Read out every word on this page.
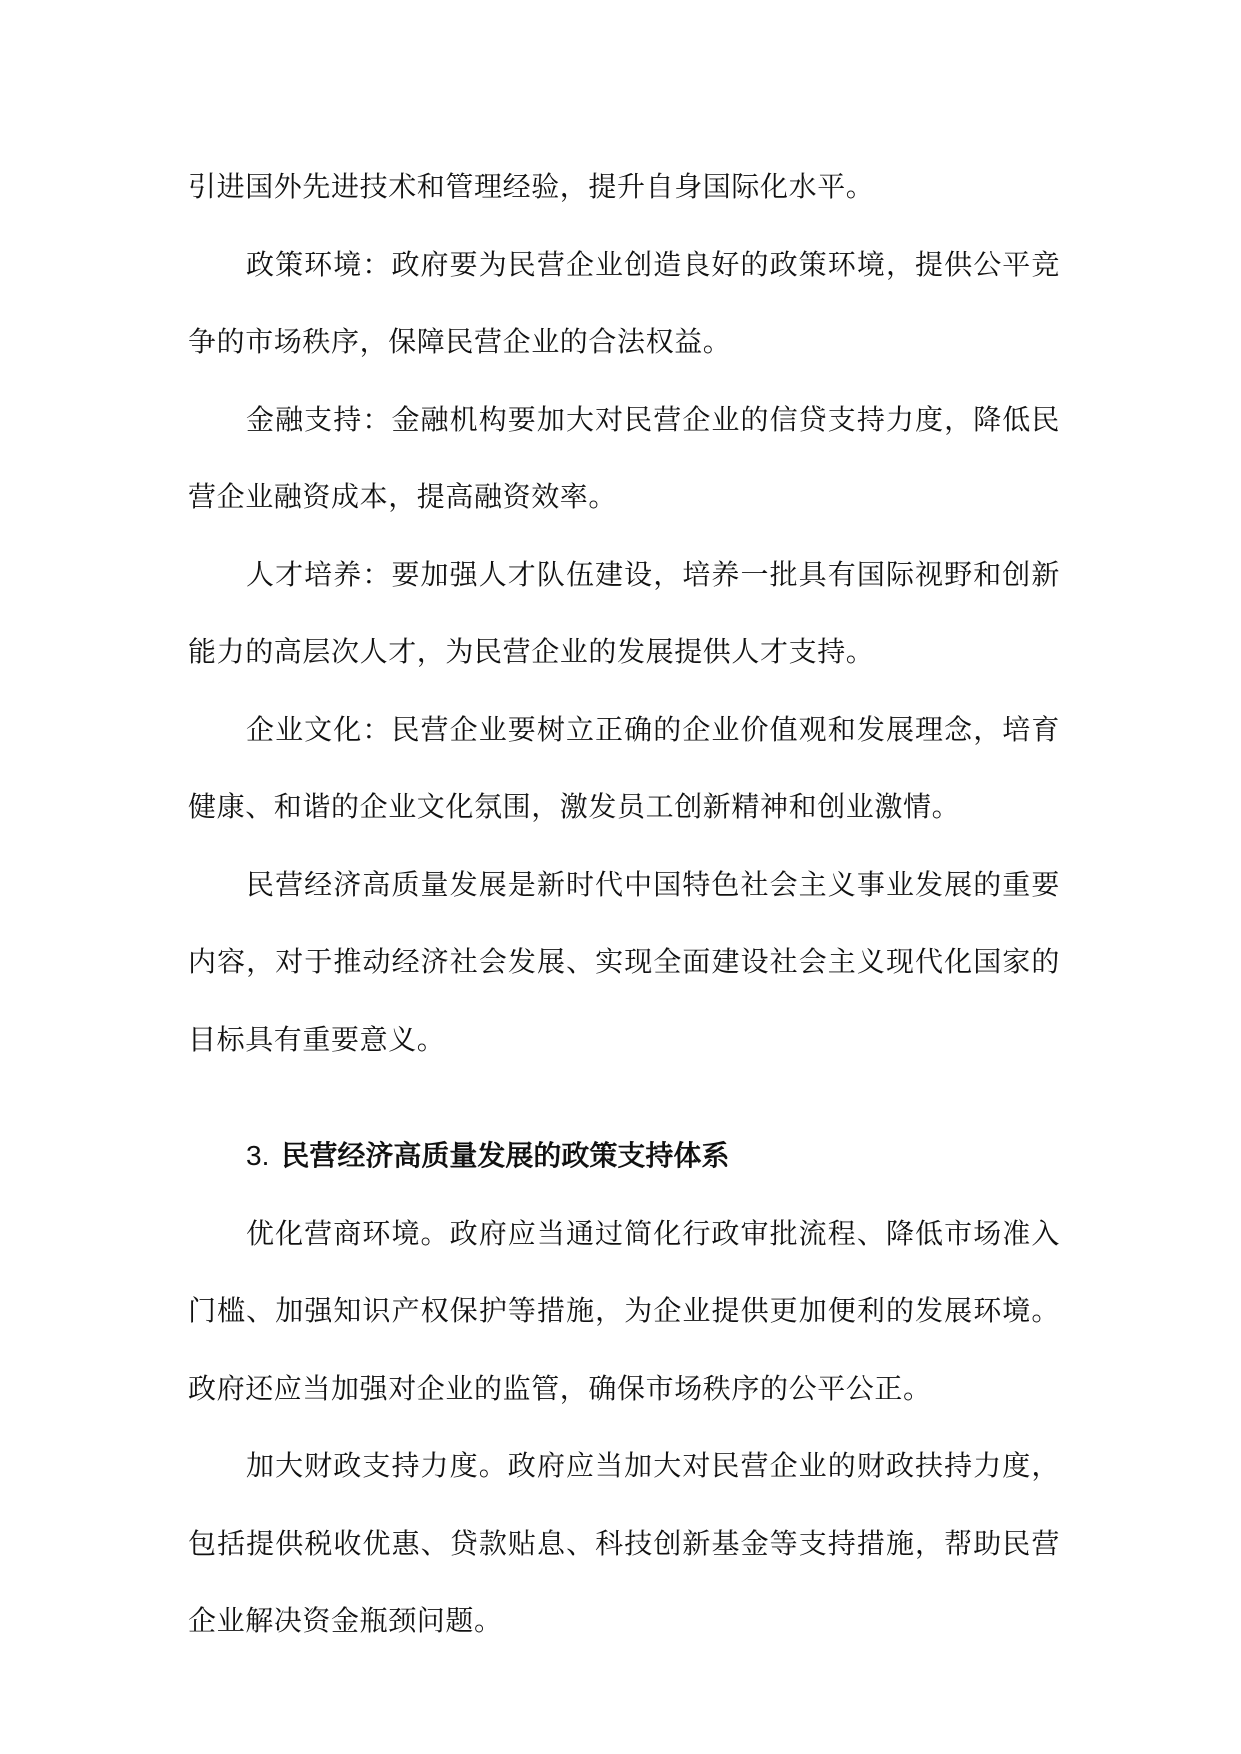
引进国外先进技术和管理经验，提升自身国际化水平。

政策环境：政府要为民营企业创造良好的政策环境，提供公平竞争的市场秩序，保障民营企业的合法权益。

金融支持：金融机构要加大对民营企业的信贷支持力度，降低民营企业融资成本，提高融资效率。

人才培养：要加强人才队伍建设，培养一批具有国际视野和创新能力的高层次人才，为民营企业的发展提供人才支持。

企业文化：民营企业要树立正确的企业价值观和发展理念，培育健康、和谐的企业文化氛围，激发员工创新精神和创业激情。

民营经济高质量发展是新时代中国特色社会主义事业发展的重要内容，对于推动经济社会发展、实现全面建设社会主义现代化国家的目标具有重要意义。

3. 民营经济高质量发展的政策支持体系

优化营商环境。政府应当通过简化行政审批流程、降低市场准入门槛、加强知识产权保护等措施，为企业提供更加便利的发展环境。政府还应当加强对企业的监管，确保市场秩序的公平公正。

加大财政支持力度。政府应当加大对民营企业的财政扶持力度，包括提供税收优惠、贷款贴息、科技创新基金等支持措施，帮助民营企业解决资金瓶颈问题。
